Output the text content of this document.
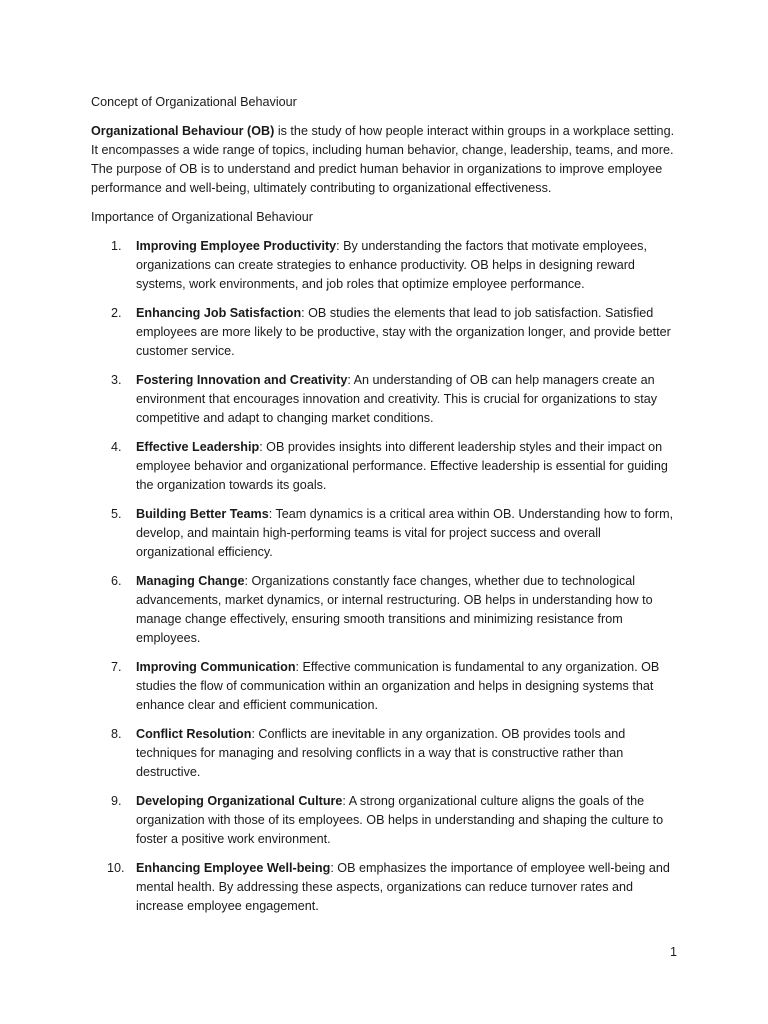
Concept of Organizational Behaviour

Organizational Behaviour (OB) is the study of how people interact within groups in a workplace setting. It encompasses a wide range of topics, including human behavior, change, leadership, teams, and more. The purpose of OB is to understand and predict human behavior in organizations to improve employee performance and well-being, ultimately contributing to organizational effectiveness.

Importance of Organizational Behaviour

1.	Improving Employee Productivity: By understanding the factors that motivate employees, organizations can create strategies to enhance productivity. OB helps in designing reward systems, work environments, and job roles that optimize employee performance.
2.	Enhancing Job Satisfaction: OB studies the elements that lead to job satisfaction. Satisfied employees are more likely to be productive, stay with the organization longer, and provide better customer service.
3.	Fostering Innovation and Creativity: An understanding of OB can help managers create an environment that encourages innovation and creativity. This is crucial for organizations to stay competitive and adapt to changing market conditions.
4.	Effective Leadership: OB provides insights into different leadership styles and their impact on employee behavior and organizational performance. Effective leadership is essential for guiding the organization towards its goals.
5.	Building Better Teams: Team dynamics is a critical area within OB. Understanding how to form, develop, and maintain high-performing teams is vital for project success and overall organizational efficiency.
6.	Managing Change: Organizations constantly face changes, whether due to technological advancements, market dynamics, or internal restructuring. OB helps in understanding how to manage change effectively, ensuring smooth transitions and minimizing resistance from employees.
7.	Improving Communication: Effective communication is fundamental to any organization. OB studies the flow of communication within an organization and helps in designing systems that enhance clear and efficient communication.
8.	Conflict Resolution: Conflicts are inevitable in any organization. OB provides tools and techniques for managing and resolving conflicts in a way that is constructive rather than destructive.
9.	Developing Organizational Culture: A strong organizational culture aligns the goals of the organization with those of its employees. OB helps in understanding and shaping the culture to foster a positive work environment.
10. Enhancing Employee Well-being: OB emphasizes the importance of employee well-being and mental health. By addressing these aspects, organizations can reduce turnover rates and increase employee engagement.
1
